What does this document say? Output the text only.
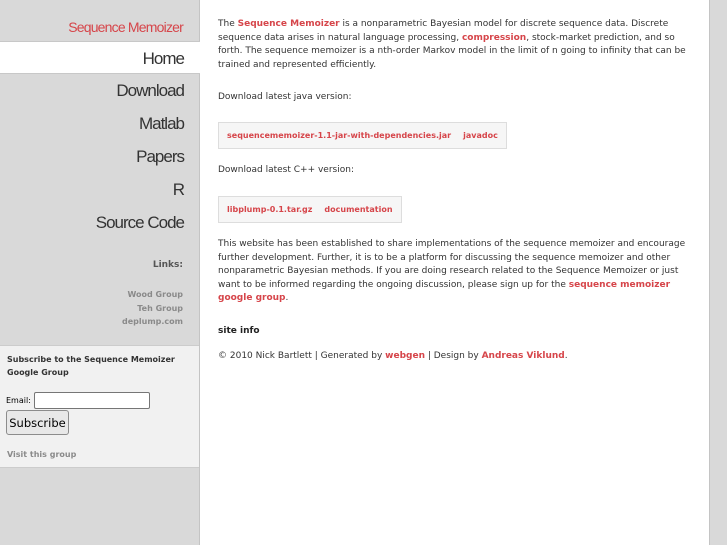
Sequence Memoizer
Home
Download
Matlab
Papers
R
Source Code
Links:
Wood Group
Teh Group
deplump.com
Subscribe to the Sequence Memoizer Google Group
Email:
Subscribe
Visit this group

The Sequence Memoizer is a nonparametric Bayesian model for discrete sequence data. Discrete sequence data arises in natural language processing, compression, stock-market prediction, and so forth. The sequence memoizer is a nth-order Markov model in the limit of n going to infinity that can be trained and represented efficiently.

Download latest java version:
sequencememoizer-1.1-jar-with-dependencies.jar javadoc
Download latest C++ version:
libplump-0.1.tar.gz documentation

This website has been established to share implementations of the sequence memoizer and encourage further development. Further, it is to be a platform for discussing the sequence memoizer and other nonparametric Bayesian methods. If you are doing research related to the Sequence Memoizer or just want to be informed regarding the ongoing discussion, please sign up for the sequence memoizer google group.

site info
© 2010 Nick Bartlett | Generated by webgen | Design by Andreas Viklund.
